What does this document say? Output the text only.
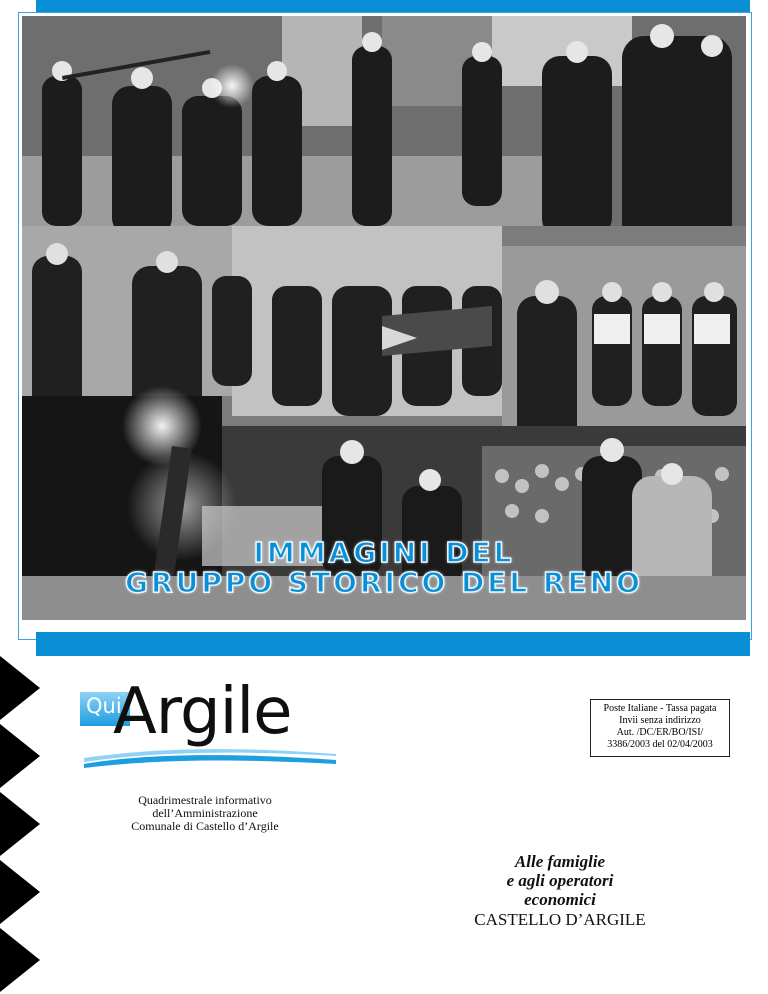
IMMAGINI DEL
GRUPPO STORICO DEL RENO
Qui
Argile	Poste Italiane - Tassa pagata
Invii senza indirizzo
Aut. /DC/ER/BO/ISI/
3386/2003 del 02/04/2003
Quadrimestrale informativo
dell’Amministrazione
Comunale di Castello d’Argile
Alle famiglie
e agli operatori
economici
CASTELLO D’ARGILE
